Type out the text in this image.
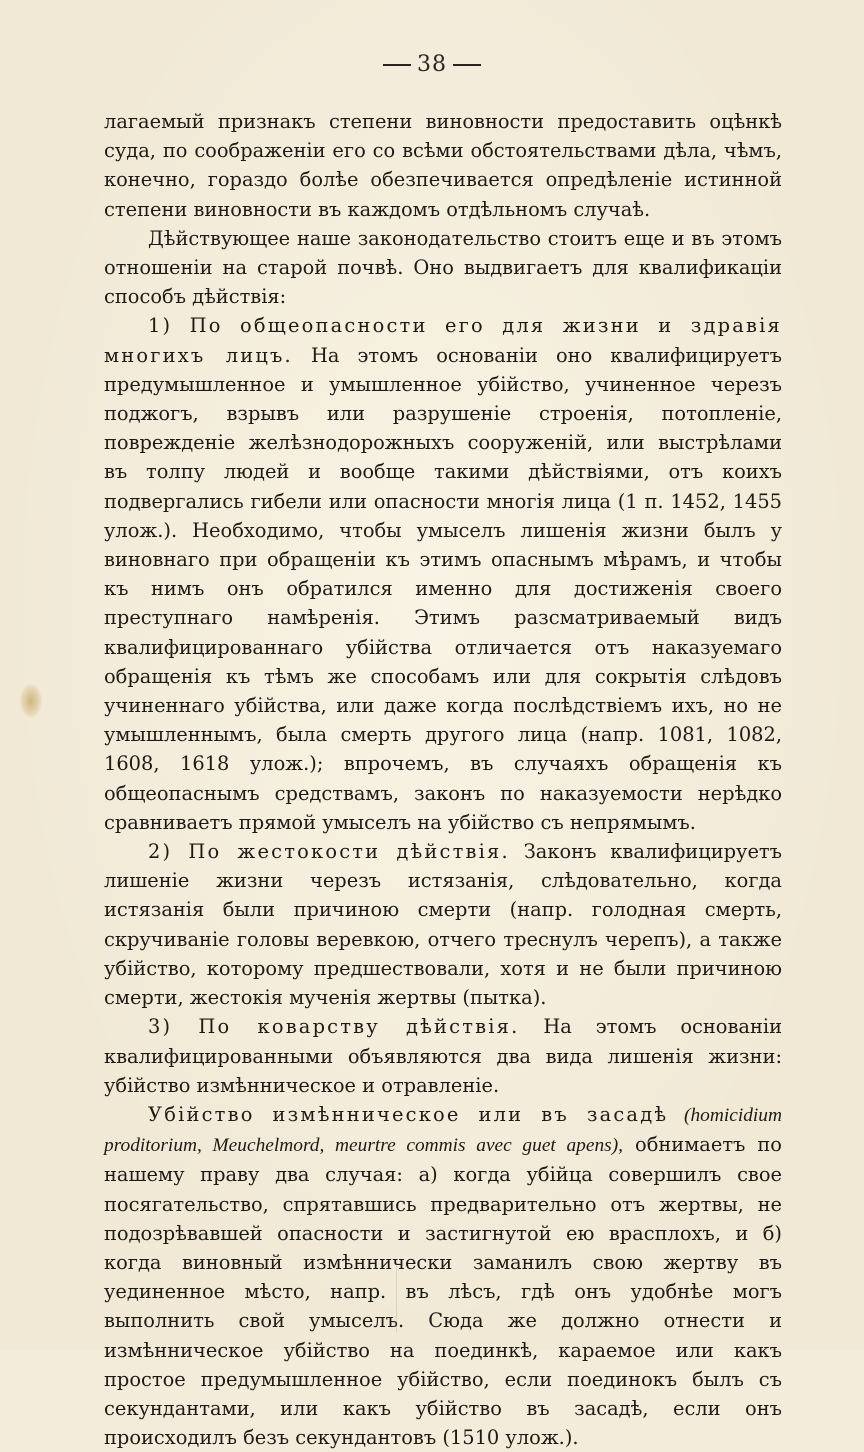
38

лагаемый признакъ степени виновности предоставить оцѣнкѣ суда, по соображеніи его со всѣми обстоятельствами дѣла, чѣмъ, конечно, гораздо болѣе обезпечивается опредѣленіе истинной степени виновности въ каждомъ отдѣльномъ случаѣ.

Дѣйствующее наше законодательство стоитъ еще и въ этомъ отношеніи на старой почвѣ. Оно выдвигаетъ для квалификаціи способъ дѣйствія:

1) По общеопасности его для жизни и здравія многихъ лицъ. На этомъ основаніи оно квалифицируетъ предумышленное и умышленное убійство, учиненное черезъ поджогъ, взрывъ или разрушеніе строенія, потопленіе, поврежденіе желѣзнодорожныхъ сооруженій, или выстрѣлами въ толпу людей и вообще такими дѣйствіями, отъ коихъ подвергались гибели или опасности многія лица (1 п. 1452, 1455 улож.). Необходимо, чтобы умыселъ лишенія жизни былъ у виновнаго при обращеніи къ этимъ опаснымъ мѣрамъ, и чтобы къ нимъ онъ обратился именно для достиженія своего преступнаго намѣренія. Этимъ разсматриваемый видъ квалифицированнаго убійства отличается отъ наказуемаго обращенія къ тѣмъ же способамъ или для сокрытія слѣдовъ учиненнаго убійства, или даже когда послѣдствіемъ ихъ, но не умышленнымъ, была смерть другого лица (напр. 1081, 1082, 1608, 1618 улож.); впрочемъ, въ случаяхъ обращенія къ общеопаснымъ средствамъ, законъ по наказуемости нерѣдко сравниваетъ прямой умыселъ на убійство съ непрямымъ.

2) По жестокости дѣйствія. Законъ квалифицируетъ лишеніе жизни черезъ истязанія, слѣдовательно, когда истязанія были причиною смерти (напр. голодная смерть, скручиваніе головы веревкою, отчего треснулъ черепъ), а также убійство, которому предшествовали, хотя и не были причиною смерти, жестокія мученія жертвы (пытка).

3) По коварству дѣйствія. На этомъ основаніи квалифицированными объявляются два вида лишенія жизни: убійство измѣнническое и отравленіе.

Убійство измѣнническое или въ засадѣ (homicidium proditorium, Meuchelmord, meurtre commis avec guet apens), обнимаетъ по нашему праву два случая: а) когда убійца совершилъ свое посягательство, спрятавшись предварительно отъ жертвы, не подозрѣвавшей опасности и застигнутой ею врасплохъ, и б) когда виновный измѣннически заманилъ свою жертву въ уединенное мѣсто, напр. въ лѣсъ, гдѣ онъ удобнѣе могъ выполнить свой умыселъ. Сюда же должно отнести и измѣнническое убійство на поединкѣ, караемое или какъ простое предумышленное убійство, если поединокъ былъ съ секундантами, или какъ убійство въ засадѣ, если онъ происходилъ безъ секундантовъ (1510 улож.).
